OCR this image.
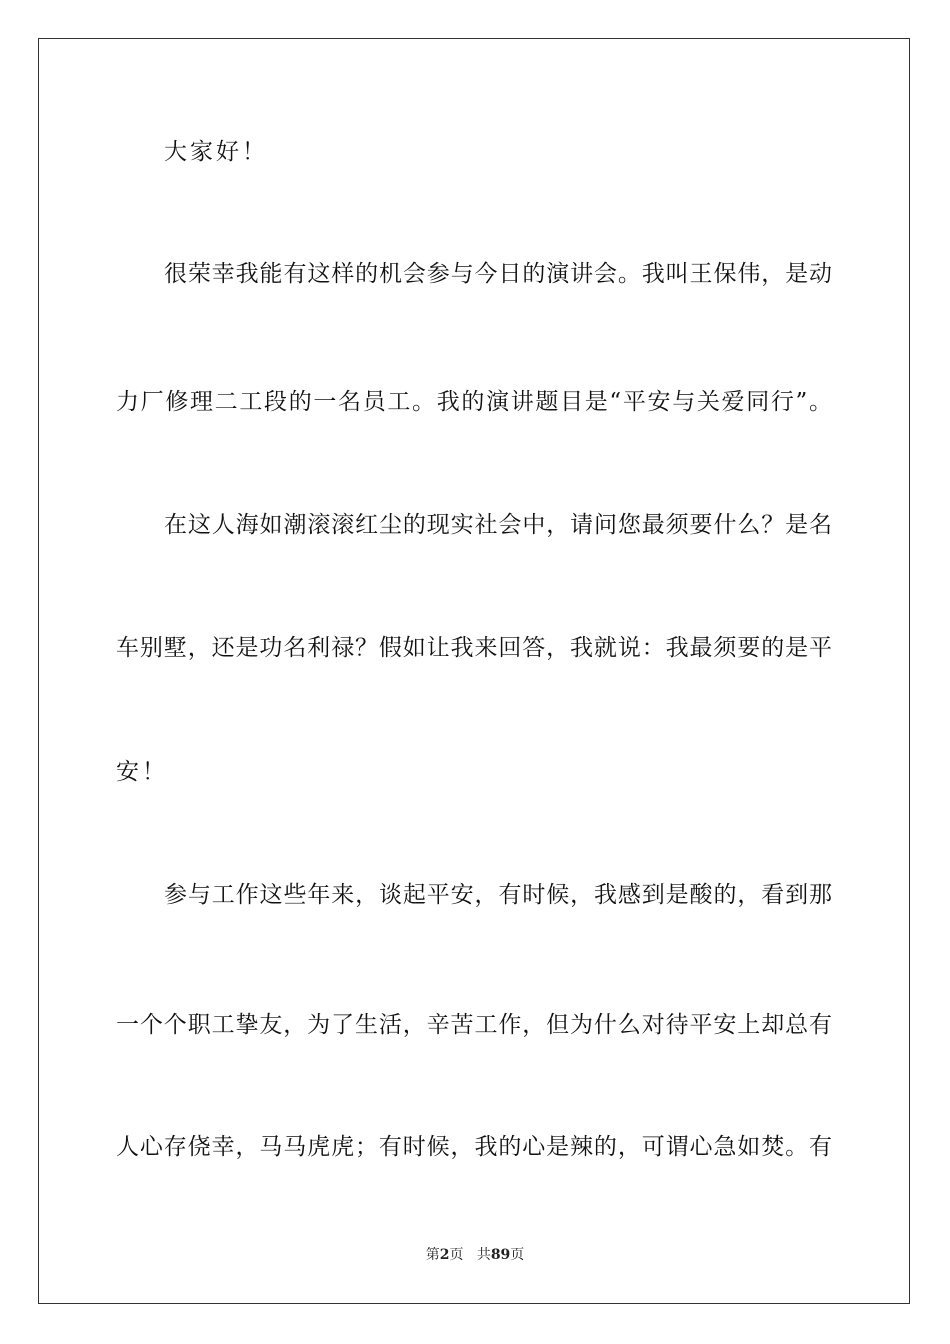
大家好！
很荣幸我能有这样的机会参与今日的演讲会。我叫王保伟，是动
力厂修理二工段的一名员工。我的演讲题目是“平安与关爱同行”。
在这人海如潮滚滚红尘的现实社会中，请问您最须要什么？是名
车别墅，还是功名利禄？假如让我来回答，我就说：我最须要的是平
安！
参与工作这些年来，谈起平安，有时候，我感到是酸的，看到那
一个个职工挚友，为了生活，辛苦工作，但为什么对待平安上却总有
人心存侥幸，马马虎虎；有时候，我的心是辣的，可谓心急如焚。有
第2页 共89页
